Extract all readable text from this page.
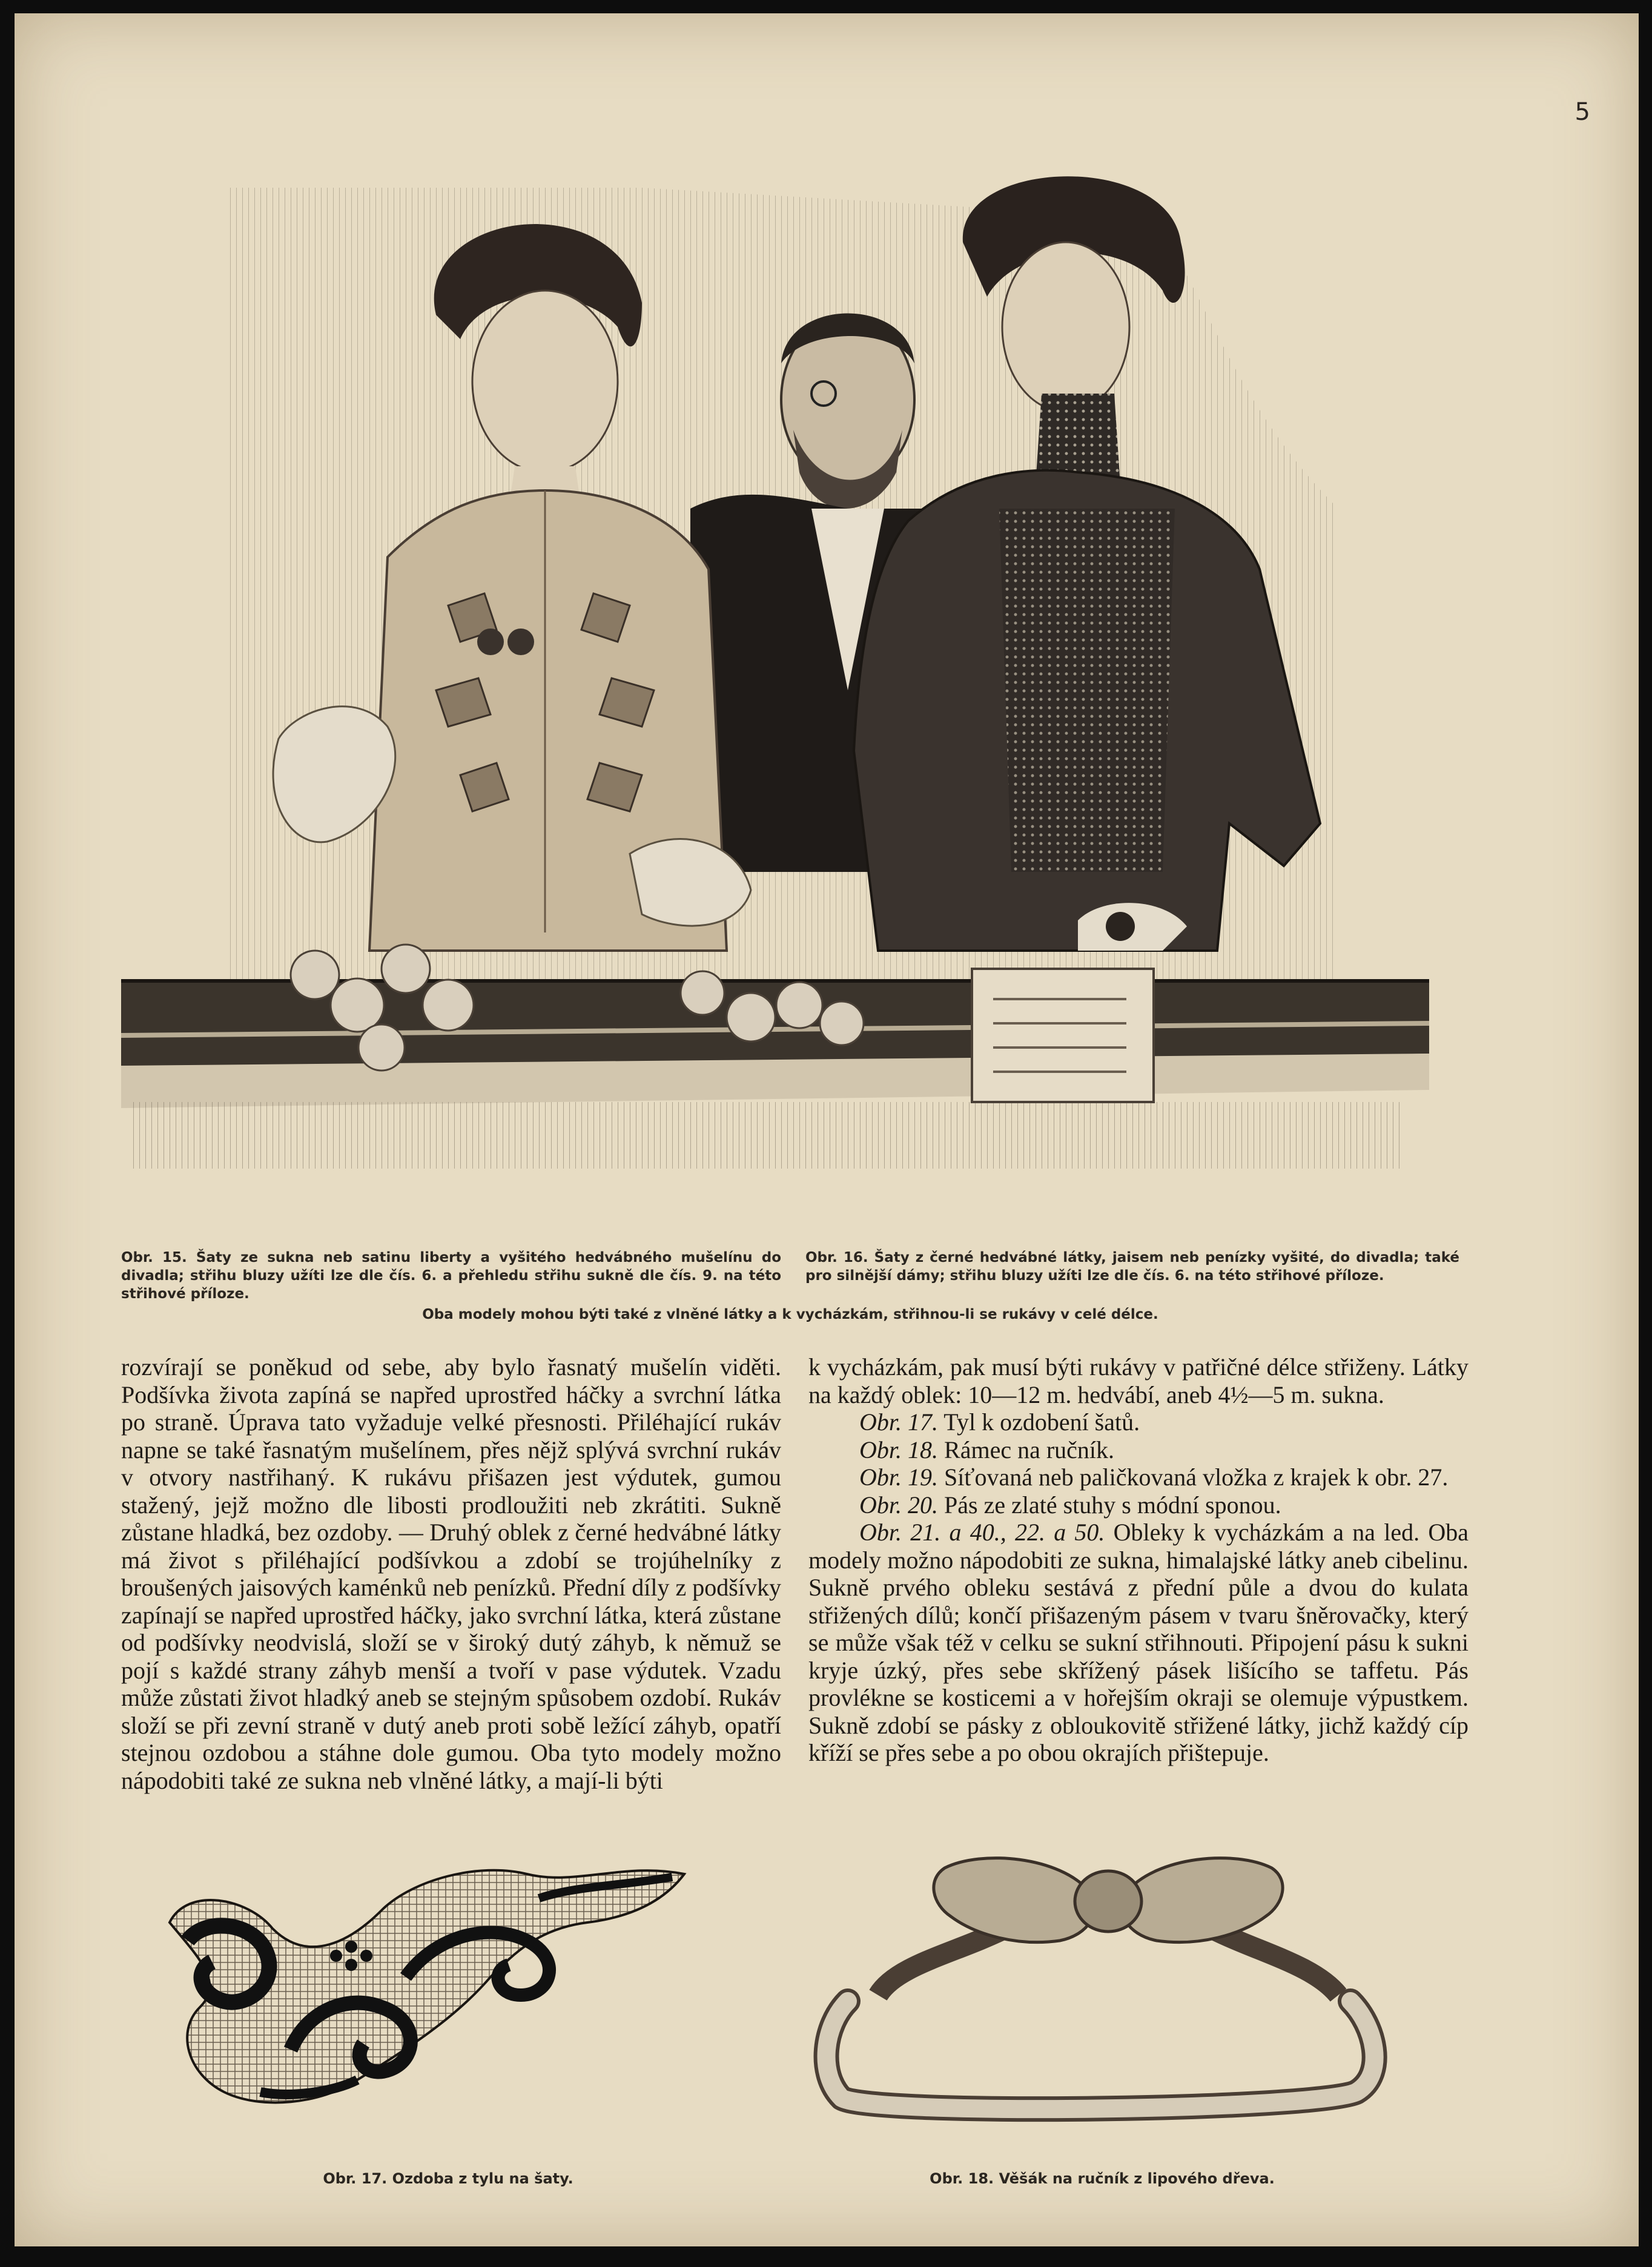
5
Obr. 15. Šaty ze sukna neb satinu liberty a vyšitého hedvábného mušelínu do divadla; střihu bluzy užíti lze dle čís. 6. a přehledu střihu sukně dle čís. 9. na této střihové příloze.
Obr. 16. Šaty z černé hedvábné látky, jaisem neb penízky vyšité, do divadla; také pro silnější dámy; střihu bluzy užíti lze dle čís. 6. na této střihové příloze.
Oba modely mohou býti také z vlněné látky a k vycházkám, střihnou-li se rukávy v celé délce.

rozvírají se poněkud od sebe, aby bylo řasnatý mušelín viděti. Podšívka života zapíná se napřed uprostřed háčky a svrchní látka po straně. Úprava tato vyžaduje velké přesnosti. Přiléhající rukáv napne se také řasnatým mušelínem, přes nějž splývá svrchní rukáv v otvory nastřihaný. K rukávu přišazen jest výdutek, gumou stažený, jejž možno dle libosti prodloužiti neb zkrátiti. Sukně zůstane hladká, bez ozdoby. — Druhý oblek z černé hedvábné látky má život s přiléhající podšívkou a zdobí se trojúhelníky z broušených jaisových kaménků neb penízků. Přední díly z podšívky zapínají se napřed uprostřed háčky, jako svrchní látka, která zůstane od podšívky neodvislá, složí se v široký dutý záhyb, k němuž se pojí s každé strany záhyb menší a tvoří v pase výdutek. Vzadu může zůstati život hladký aneb se stejným spůsobem ozdobí. Rukáv složí se při zevní straně v dutý aneb proti sobě ležící záhyb, opatří stejnou ozdobou a stáhne dole gumou. Oba tyto modely možno nápodobiti také ze sukna neb vlněné látky, a mají-li býti

k vycházkám, pak musí býti rukávy v patřičné délce střiženy. Látky na každý oblek: 10—12 m. hedvábí, aneb 4½—5 m. sukna.

Obr. 17. Tyl k ozdobení šatů.

Obr. 18. Rámec na ručník.

Obr. 19. Síťovaná neb paličkovaná vložka z krajek k obr. 27.

Obr. 20. Pás ze zlaté stuhy s módní sponou.

Obr. 21. a 40., 22. a 50. Obleky k vycházkám a na led. Oba modely možno nápodobiti ze sukna, himalajské látky aneb cibelinu. Sukně prvého obleku sestává z přední půle a dvou do kulata střižených dílů; končí přišazeným pásem v tvaru šněrovačky, který se může však též v celku se sukní střihnouti. Připojení pásu k sukni kryje úzký, přes sebe skřížený pásek lišícího se taffetu. Pás provlékne se kosticemi a v hořejším okraji se olemuje výpustkem. Sukně zdobí se pásky z obloukovitě střižené látky, jichž každý cíp kříží se přes sebe a po obou okrajích přištepuje.

Obr. 17. Ozdoba z tylu na šaty.	Obr. 18. Věšák na ručník z lipového dřeva.
